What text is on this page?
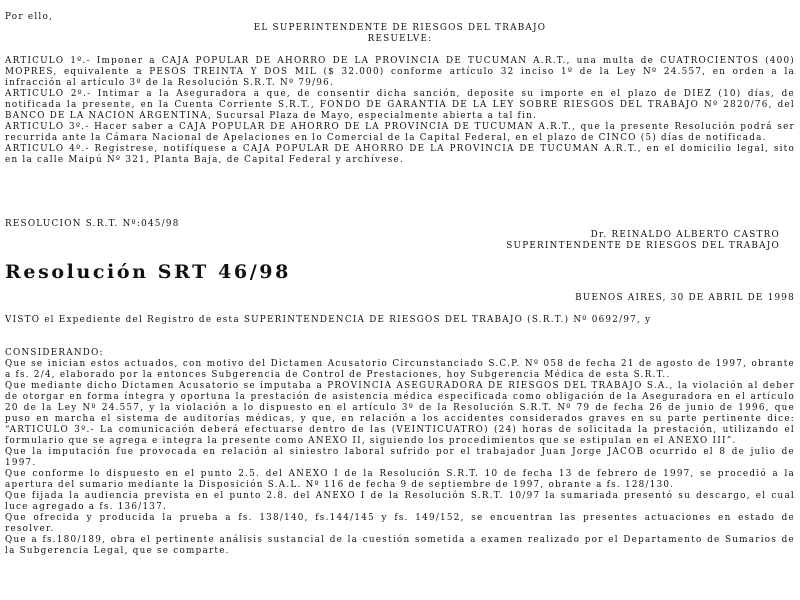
Por ello,

EL SUPERINTENDENTE DE RIESGOS DEL TRABAJO

RESUELVE:

ARTICULO 1º.- Imponer a CAJA POPULAR DE AHORRO DE LA PROVINCIA DE TUCUMAN A.R.T., una multa de CUATROCIENTOS (400) MOPRES, equivalente a PESOS TREINTA Y DOS MIL ($ 32.000) conforme artículo 32 inciso 1º de la Ley Nº 24.557, en orden a la infracción al artículo 3º de la Resolución S.R.T. Nº 79/96.

ARTICULO 2º.- Intimar a la Aseguradora a que, de consentir dicha sanción, deposite su importe en el plazo de DIEZ (10) días, de notificada la presente, en la Cuenta Corriente S.R.T., FONDO DE GARANTIA DE LA LEY SOBRE RIESGOS DEL TRABAJO Nº 2820/76, del BANCO DE LA NACION ARGENTINA, Sucursal Plaza de Mayo, especialmente abierta a tal fin.

ARTICULO 3º.- Hacer saber a CAJA POPULAR DE AHORRO DE LA PROVINCIA DE TUCUMAN A.R.T., que la presente Resolución podrá ser recurrida ante la Cámara Nacional de Apelaciones en lo Comercial de la Capital Federal, en el plazo de CINCO (5) días de notificada.

ARTICULO 4º.- Regístrese, notifíquese a CAJA POPULAR DE AHORRO DE LA PROVINCIA DE TUCUMAN A.R.T., en el domicilio legal, sito en la calle Maipú Nº 321, Planta Baja, de Capital Federal y archívese.

RESOLUCION S.R.T. Nº:045/98

Dr. REINALDO ALBERTO CASTRO

SUPERINTENDENTE DE RIESGOS DEL TRABAJO

Resolución SRT 46/98

BUENOS AIRES, 30 DE ABRIL DE 1998

VISTO el Expediente del Registro de esta SUPERINTENDENCIA DE RIESGOS DEL TRABAJO (S.R.T.) Nº 0692/97, y

CONSIDERANDO:

Que se inician estos actuados, con motivo del Dictamen Acusatorio Circunstanciado S.C.P. Nº 058 de fecha 21 de agosto de 1997, obrante a fs. 2/4, elaborado por la entonces Subgerencia de Control de Prestaciones, hoy Subgerencia Médica de esta S.R.T..

Que mediante dicho Dictamen Acusatorio se imputaba a PROVINCIA ASEGURADORA DE RIESGOS DEL TRABAJO S.A., la violación al deber de otorgar en forma íntegra y oportuna la prestación de asistencia médica especificada como obligación de la Aseguradora en el artículo 20 de la Ley Nº 24.557, y la violación a lo dispuesto en el artículo 3º de la Resolución S.R.T. Nº 79 de fecha 26 de junio de 1996, que puso en marcha el sistema de auditorías médicas, y que, en relación a los accidentes considerados graves en su parte pertinente dice: “ARTICULO 3º.- La comunicación deberá efectuarse dentro de las (VEINTICUATRO) (24) horas de solicitada la prestación, utilizando el formulario que se agrega e integra la presente como ANEXO II, siguiendo los procedimientos que se estipulan en el ANEXO III”.

Que la imputación fue provocada en relación al siniestro laboral sufrido por el trabajador Juan Jorge JACOB ocurrido el 8 de julio de 1997.

Que conforme lo dispuesto en el punto 2.5. del ANEXO I de la Resolución S.R.T. 10 de fecha 13 de febrero de 1997, se procedió a la apertura del sumario mediante la Disposición S.A.L. Nº 116 de fecha 9 de septiembre de 1997, obrante a fs. 128/130.

Que fijada la audiencia prevista en el punto 2.8. del ANEXO I de la Resolución S.R.T. 10/97 la sumariada presentó su descargo, el cual luce agregado a fs. 136/137.

Que ofrecida y producida la prueba a fs. 138/140, fs.144/145 y fs. 149/152, se encuentran las presentes actuaciones en estado de resolver.

Que a fs.180/189, obra el pertinente análisis sustancial de la cuestión sometida a examen realizado por el Departamento de Sumarios de la Subgerencia Legal, que se comparte.
